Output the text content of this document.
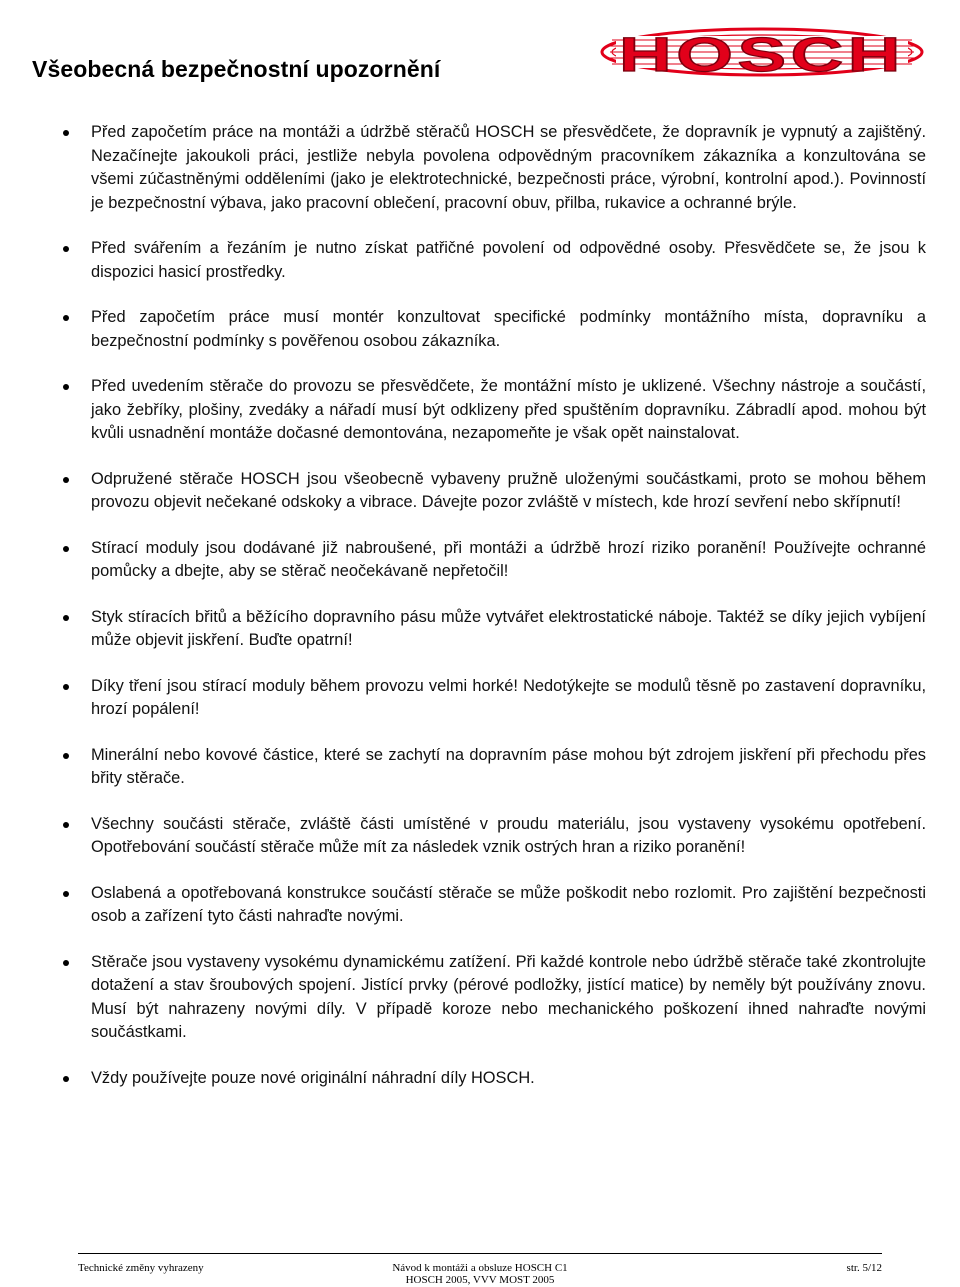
Všeobecná bezpečnostní upozornění	HOSCH
Před započetím práce na montáži a údržbě stěračů HOSCH se přesvědčete, že dopravník je vypnutý a zajištěný. Nezačínejte jakoukoli práci, jestliže nebyla povolena odpovědným pracovníkem zákazníka a konzultována se všemi zúčastněnými odděleními (jako je elektrotechnické, bezpečnosti práce, výrobní, kontrolní apod.). Povinností je bezpečnostní výbava, jako pracovní oblečení, pracovní obuv, přilba, rukavice a ochranné brýle.
Před svářením a řezáním je nutno získat patřičné povolení od odpovědné osoby. Přesvědčete se, že jsou k dispozici hasicí prostředky.
Před započetím práce musí montér konzultovat specifické podmínky montážního místa, dopravníku a bezpečnostní podmínky s pověřenou osobou zákazníka.
Před uvedením stěrače do provozu se přesvědčete, že montážní místo je uklizené. Všechny nástroje a součástí, jako žebříky, plošiny, zvedáky a nářadí musí být odklizeny před spuštěním dopravníku. Zábradlí apod. mohou být kvůli usnadnění montáže dočasné demontována, nezapomeňte je však opět nainstalovat.
Odpružené stěrače HOSCH jsou všeobecně vybaveny pružně uloženými součástkami, proto se mohou během provozu objevit nečekané odskoky a vibrace. Dávejte pozor zvláště v místech, kde hrozí sevření nebo skřípnutí!
Stírací moduly jsou dodávané již nabroušené, při montáži a údržbě hrozí riziko poranění! Používejte ochranné pomůcky a dbejte, aby se stěrač neočekávaně nepřetočil!
Styk stíracích břitů a běžícího dopravního pásu může vytvářet elektrostatické náboje. Taktéž se díky jejich vybíjení může objevit jiskření. Buďte opatrní!
Díky tření jsou stírací moduly během provozu velmi horké! Nedotýkejte se modulů těsně po zastavení dopravníku, hrozí popálení!
Minerální nebo kovové částice, které se zachytí na dopravním páse mohou být zdrojem jiskření při přechodu přes břity stěrače.
Všechny součásti stěrače, zvláště části umístěné v proudu materiálu, jsou vystaveny vysokému opotřebení. Opotřebování součástí stěrače může mít za následek vznik ostrých hran a riziko poranění!
Oslabená a opotřebovaná konstrukce součástí stěrače se může poškodit nebo rozlomit. Pro zajištění bezpečnosti osob a zařízení tyto části nahraďte novými.
Stěrače jsou vystaveny vysokému dynamickému zatížení. Při každé kontrole nebo údržbě stěrače také zkontrolujte dotažení a stav šroubových spojení. Jistící prvky (pérové podložky, jistící matice) by neměly být používány znovu. Musí být nahrazeny novými díly. V případě koroze nebo mechanického poškození ihned nahraďte novými součástkami.
Vždy používejte pouze nové originální náhradní díly HOSCH.
Technické změny vyhrazeny	Návod k montáži a obsluze HOSCH C1
HOSCH 2005, VVV MOST 2005
str. 5/12
